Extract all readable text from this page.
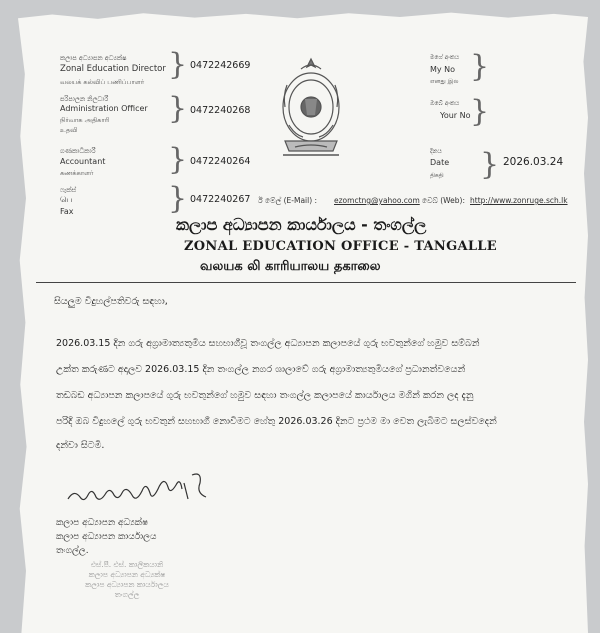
කලාප අධ්‍යාපන අධ්‍යක්ෂ
Zonal Education Director
வலயக் கல்விப் பணிப்பாளர் } 0472242669
පරිපාලන නිලධාරී
Administration Officer
நிர்வாக அதிகாரி
உதவி
} 0472240268
ගණකාධිකාරී
Accountant
கணக்காளர் } 0472240264
ෆැක්ස්
பெ
Fax	} 0472240267
මගේ අංකය
My No
எனது இல }
ඔබේ අංකය
Your No }
දිනය
Date
திகதி } 2026.03.24
ඊ මේල් (E-Mail) : ezomctng@yahoo.com වෙබ් (Web): http://www.zonruge.sch.lk
කලාප අධ්‍යාපන කාර්යාලය - තංගල්ල
ZONAL EDUCATION OFFICE - TANGALLE
வலயக லி காரியாலய தகாலை
සියලුම විදුහල්පතිවරු සඳහා,
2026.03.15 දින ගරු අග්‍රාමාත්‍යතුමිය සහභාගීවූ තංගල්ල අධ්‍යාපන කලාපයේ ගුරු භවතුන්ගේ හමුව සම්බන්
උක්ත කරුණට අදාලව 2026.03.15 දින තංගල්ල නගර ශාලාවේ ගරු අග්‍රාමාත්‍යතුමියගේ ප්‍රධානත්වයෙන්
තඩබඩ අධ්‍යාපන කලාපයේ ගුරු භවතුන්ගේ හමුව සඳහා තංගල්ල කලාපයේ කාර්යාලය මගින් කරන ලද දැනු
පරිදි ඔබ විදුහලේ ගුරු භවතුන් සහභාගී නොවීමට හේතු 2026.03.26 දිනට ප්‍රථම මා වෙත ලැබීමට සලස්වදෙන්
දන්වා සිටමි.
කලාප අධ්‍යාපන අධ්‍යක්ෂ
කලාප අධ්‍යාපන කාර්යාලය
තංගල්ල.
එස්.පී. එස්. කාලිකයානි
කලාප අධ්‍යාපන අධ්‍යක්ෂ
කලාප අධ්‍යාපන කාර්යාලය
තංගල්ල
